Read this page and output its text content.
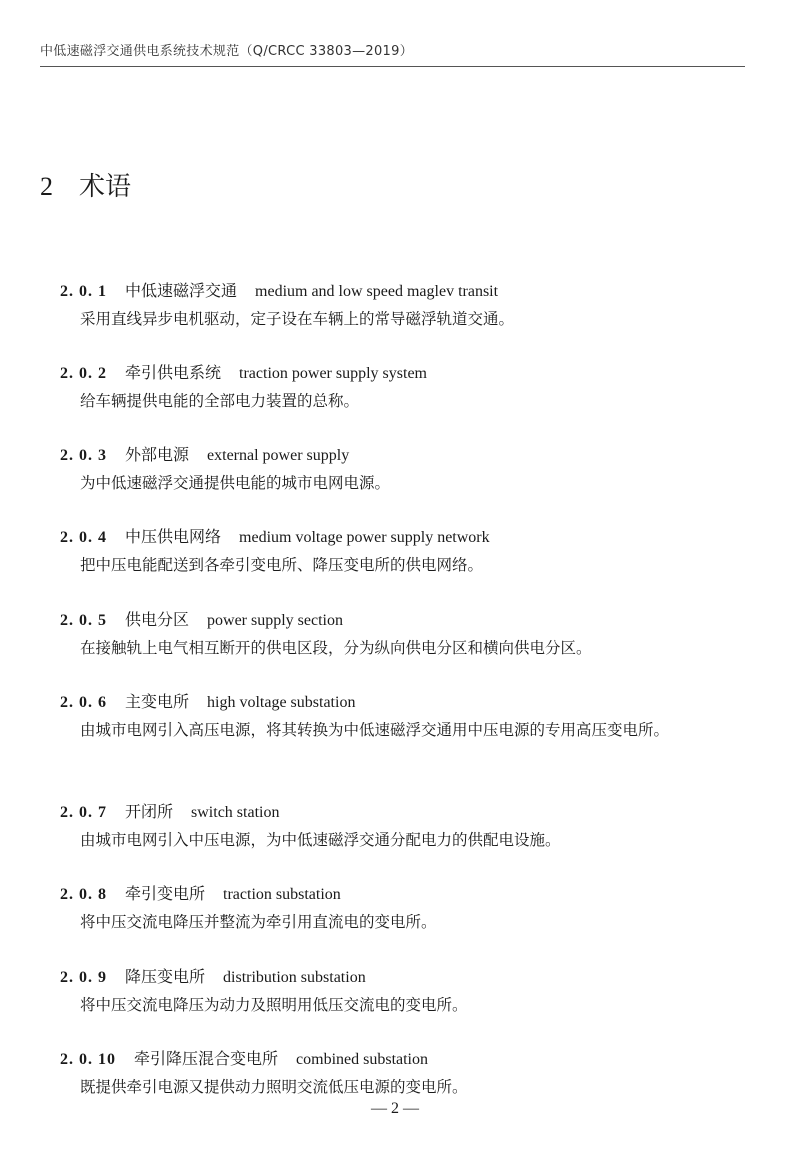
中低速磁浮交通供电系统技术规范（Q/CRCC 33803—2019）
2 术语
2. 0. 1 中低速磁浮交通 medium and low speed maglev transit
采用直线异步电机驱动，定子设在车辆上的常导磁浮轨道交通。
2. 0. 2 牵引供电系统 traction power supply system
给车辆提供电能的全部电力装置的总称。
2. 0. 3 外部电源 external power supply
为中低速磁浮交通提供电能的城市电网电源。
2. 0. 4 中压供电网络 medium voltage power supply network
把中压电能配送到各牵引变电所、降压变电所的供电网络。
2. 0. 5 供电分区 power supply section
在接触轨上电气相互断开的供电区段，分为纵向供电分区和横向供电分区。
2. 0. 6 主变电所 high voltage substation
由城市电网引入高压电源，将其转换为中低速磁浮交通用中压电源的专用高压变电所。
2. 0. 7 开闭所 switch station
由城市电网引入中压电源，为中低速磁浮交通分配电力的供配电设施。
2. 0. 8 牵引变电所 traction substation
将中压交流电降压并整流为牵引用直流电的变电所。
2. 0. 9 降压变电所 distribution substation
将中压交流电降压为动力及照明用低压交流电的变电所。
2. 0. 10 牵引降压混合变电所 combined substation
既提供牵引电源又提供动力照明交流低压电源的变电所。
— 2 —
